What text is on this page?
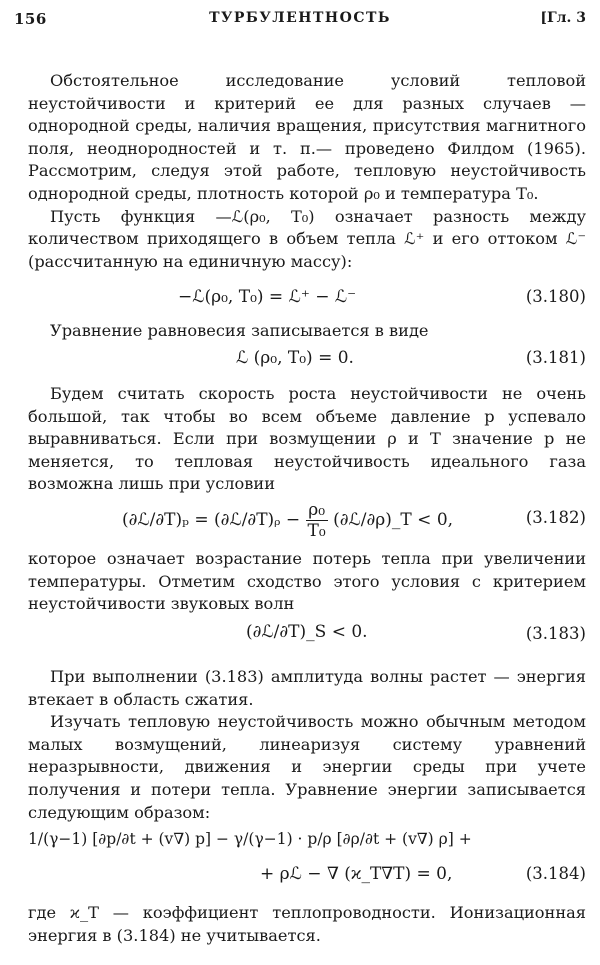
156	ТУРБУЛЕНТНОСТЬ	[Гл. 3

Обстоятельное исследование условий тепловой неустойчивости и критерий ее для разных случаев — однородной среды, наличия вращения, присутствия магнитного поля, неоднородностей и т. п.— проведено Филдом (1965). Рассмотрим, следуя этой работе, тепловую неустойчивость однородной среды, плотность которой ρ₀ и температура T₀.

Пусть функция —ℒ(ρ₀, T₀) означает разность между количеством приходящего в объем тепла ℒ⁺ и его оттоком ℒ⁻ (рассчитанную на единичную массу):

−ℒ(ρ₀, T₀) = ℒ⁺ − ℒ⁻	(3.180)

Уравнение равновесия записывается в виде

ℒ (ρ₀, T₀) = 0.	(3.181)

Будем считать скорость роста неустойчивости не очень большой, так чтобы во всем объеме давление p успевало выравниваться. Если при возмущении ρ и T значение p не меняется, то тепловая неустойчивость идеального газа возможна лишь при условии

(∂ℒ/∂T)ₚ = (∂ℒ/∂T)ᵨ − $\frac{\text{ρ₀}}{\text{T₀}}$ (∂ℒ/∂ρ)_T < 0,	(3.182)

которое означает возрастание потерь тепла при увеличении температуры. Отметим сходство этого условия с критерием неустойчивости звуковых волн

(∂ℒ/∂T)_S < 0.	(3.183)

При выполнении (3.183) амплитуда волны растет — энергия втекает в область сжатия.

Изучать тепловую неустойчивость можно обычным методом малых возмущений, линеаризуя систему уравнений неразрывности, движения и энергии среды при учете получения и потери тепла. Уравнение энергии записывается следующим образом:

1/(γ−1) [∂p/∂t + (v∇) p] − γ/(γ−1) · p/ρ [∂ρ/∂t + (v∇) ρ] +
+ ρℒ − ∇ (ϰ_T∇T) = 0,	(3.184)

где ϰ_T — коэффициент теплопроводности. Ионизационная энергия в (3.184) не учитывается.
